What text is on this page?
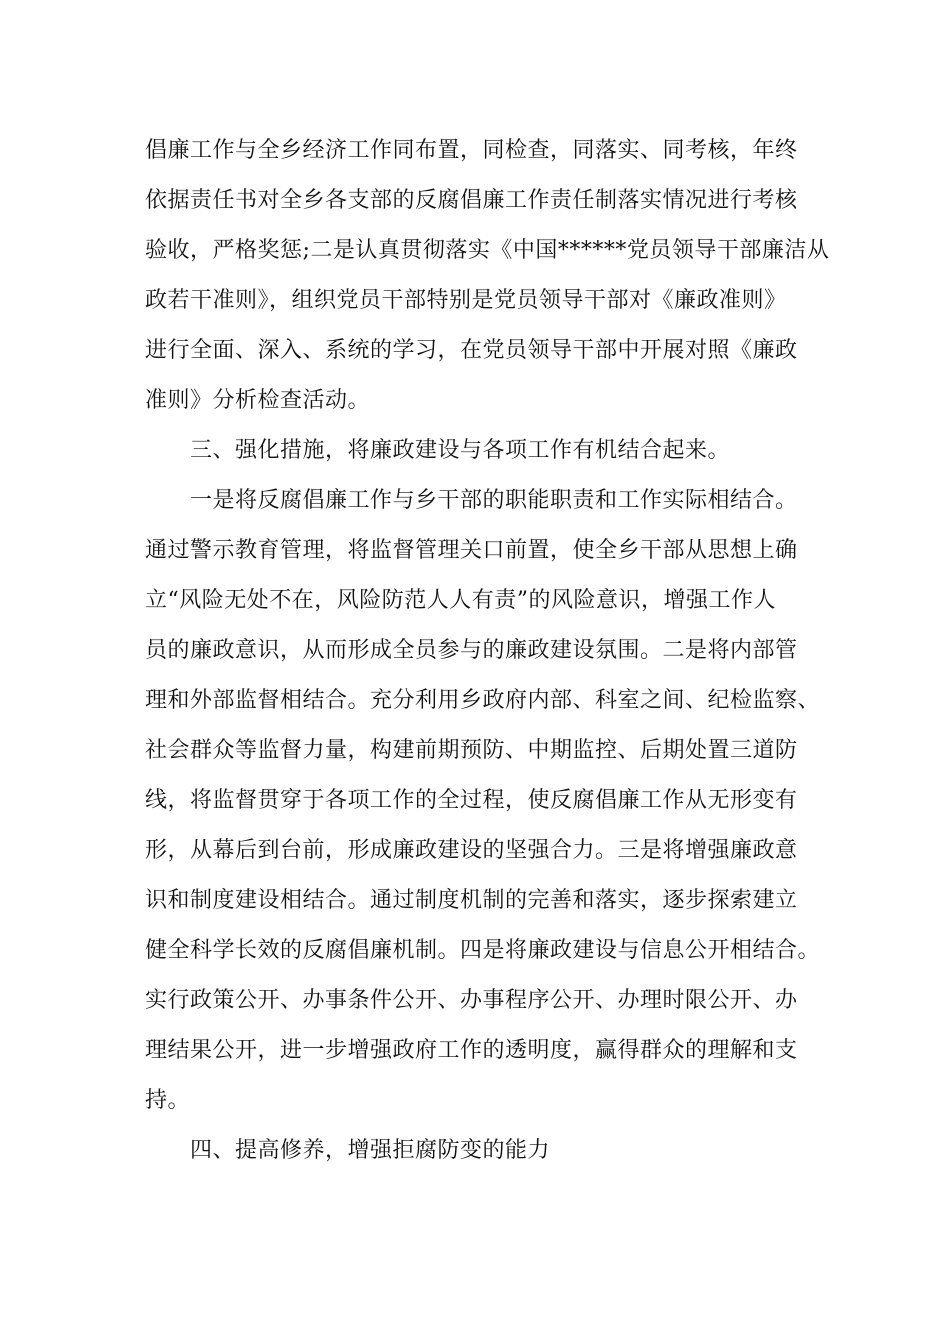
倡廉工作与全乡经济工作同布置，同检查，同落实、同考核，年终
依据责任书对全乡各支部的反腐倡廉工作责任制落实情况进行考核
验收，严格奖惩;二是认真贯彻落实《中国******党员领导干部廉洁从
政若干准则》，组织党员干部特别是党员领导干部对《廉政准则》
进行全面、深入、系统的学习，在党员领导干部中开展对照《廉政
准则》分析检查活动。
三、强化措施，将廉政建设与各项工作有机结合起来。
一是将反腐倡廉工作与乡干部的职能职责和工作实际相结合。
通过警示教育管理，将监督管理关口前置，使全乡干部从思想上确
立“风险无处不在，风险防范人人有责”的风险意识，增强工作人
员的廉政意识，从而形成全员参与的廉政建设氛围。二是将内部管
理和外部监督相结合。充分利用乡政府内部、科室之间、纪检监察、
社会群众等监督力量，构建前期预防、中期监控、后期处置三道防
线，将监督贯穿于各项工作的全过程，使反腐倡廉工作从无形变有
形，从幕后到台前，形成廉政建设的坚强合力。三是将增强廉政意
识和制度建设相结合。通过制度机制的完善和落实，逐步探索建立
健全科学长效的反腐倡廉机制。四是将廉政建设与信息公开相结合。
实行政策公开、办事条件公开、办事程序公开、办理时限公开、办
理结果公开，进一步增强政府工作的透明度，赢得群众的理解和支
持。
四、提高修养，增强拒腐防变的能力
